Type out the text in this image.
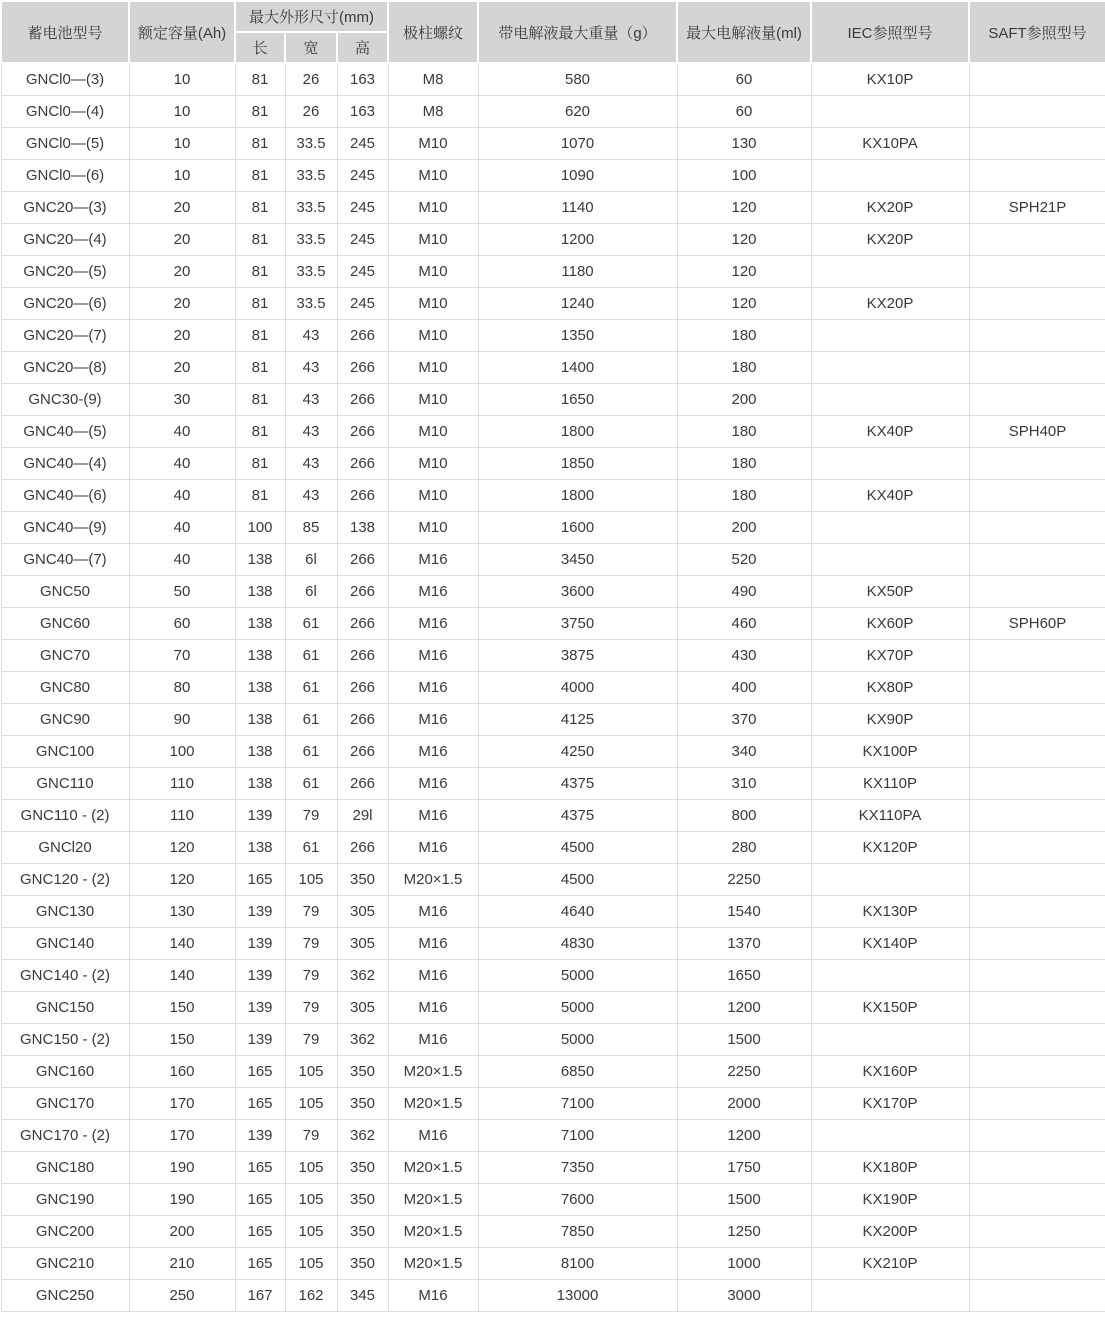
蓄电池型号	额定容量(Ah)	最大外形尺寸(mm)			极柱螺纹	带电解液最大重量（g）	最大电解液量(ml)	IEC参照型号	SAFT参照型号
		长	宽	高					
GNCl0—(3)	10	81	26	163	M8	580	60	KX10P	
GNCl0—(4)	10	81	26	163	M8	620	60		
GNCl0—(5)	10	81	33.5	245	M10	1070	130	KX10PA	
GNCl0—(6)	10	81	33.5	245	M10	1090	100		
GNC20—(3)	20	81	33.5	245	M10	1140	120	KX20P	SPH21P
GNC20—(4)	20	81	33.5	245	M10	1200	120	KX20P	
GNC20—(5)	20	81	33.5	245	M10	1180	120		
GNC20—(6)	20	81	33.5	245	M10	1240	120	KX20P	
GNC20—(7)	20	81	43	266	M10	1350	180		
GNC20—(8)	20	81	43	266	M10	1400	180		
GNC30-(9)	30	81	43	266	M10	1650	200		
GNC40—(5)	40	81	43	266	M10	1800	180	KX40P	SPH40P
GNC40—(4)	40	81	43	266	M10	1850	180		
GNC40—(6)	40	81	43	266	M10	1800	180	KX40P	
GNC40—(9)	40	100	85	138	M10	1600	200		
GNC40—(7)	40	138	6l	266	M16	3450	520		
GNC50	50	138	6l	266	M16	3600	490	KX50P	
GNC60	60	138	61	266	M16	3750	460	KX60P	SPH60P
GNC70	70	138	61	266	M16	3875	430	KX70P	
GNC80	80	138	61	266	M16	4000	400	KX80P	
GNC90	90	138	61	266	M16	4125	370	KX90P	
GNC100	100	138	61	266	M16	4250	340	KX100P	
GNC110	110	138	61	266	M16	4375	310	KX110P	
GNC110 - (2)	110	139	79	29l	M16	4375	800	KX110PA	
GNCl20	120	138	61	266	M16	4500	280	KX120P	
GNC120 - (2)	120	165	105	350	M20×1.5	4500	2250		
GNC130	130	139	79	305	M16	4640	1540	KX130P	
GNC140	140	139	79	305	M16	4830	1370	KX140P	
GNC140 - (2)	140	139	79	362	M16	5000	1650		
GNC150	150	139	79	305	M16	5000	1200	KX150P	
GNC150 - (2)	150	139	79	362	M16	5000	1500		
GNC160	160	165	105	350	M20×1.5	6850	2250	KX160P	
GNC170	170	165	105	350	M20×1.5	7100	2000	KX170P	
GNC170 - (2)	170	139	79	362	M16	7100	1200		
GNC180	190	165	105	350	M20×1.5	7350	1750	KX180P	
GNC190	190	165	105	350	M20×1.5	7600	1500	KX190P	
GNC200	200	165	105	350	M20×1.5	7850	1250	KX200P	
GNC210	210	165	105	350	M20×1.5	8100	1000	KX210P	
GNC250	250	167	162	345	M16	13000	3000		
